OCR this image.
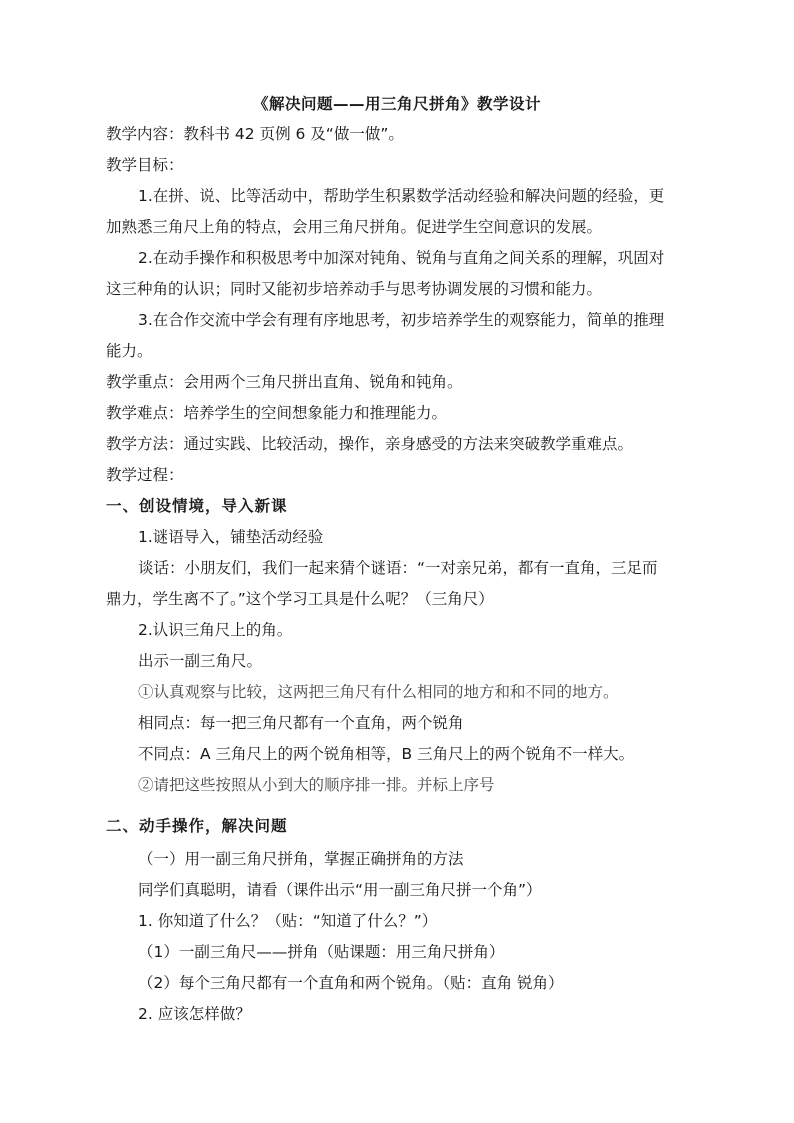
《解决问题——用三角尺拼角》教学设计
教学内容：教科书 42 页例 6 及“做一做”。
教学目标：
1.在拼、说、比等活动中，帮助学生积累数学活动经验和解决问题的经验，更
加熟悉三角尺上角的特点，会用三角尺拼角。促进学生空间意识的发展。
2.在动手操作和积极思考中加深对钝角、锐角与直角之间关系的理解，巩固对
这三种角的认识；同时又能初步培养动手与思考协调发展的习惯和能力。
3.在合作交流中学会有理有序地思考，初步培养学生的观察能力，简单的推理
能力。
教学重点：会用两个三角尺拼出直角、锐角和钝角。
教学难点：培养学生的空间想象能力和推理能力。
教学方法：通过实践、比较活动，操作，亲身感受的方法来突破教学重难点。
教学过程：
一、创设情境，导入新课
1.谜语导入，铺垫活动经验
谈话：小朋友们，我们一起来猜个谜语：“一对亲兄弟，都有一直角，三足而
鼎力，学生离不了。”这个学习工具是什么呢？（三角尺）
2.认识三角尺上的角。
出示一副三角尺。
①认真观察与比较，这两把三角尺有什么相同的地方和和不同的地方。
相同点：每一把三角尺都有一个直角，两个锐角
不同点：A 三角尺上的两个锐角相等，B 三角尺上的两个锐角不一样大。
②请把这些按照从小到大的顺序排一排。并标上序号
二、动手操作，解决问题
（一）用一副三角尺拼角，掌握正确拼角的方法
同学们真聪明，请看（课件出示“用一副三角尺拼一个角”）
1. 你知道了什么？（贴：“知道了什么？”）
（1）一副三角尺——拼角（贴课题：用三角尺拼角）
（2）每个三角尺都有一个直角和两个锐角。（贴：直角 锐角）
2. 应该怎样做？
